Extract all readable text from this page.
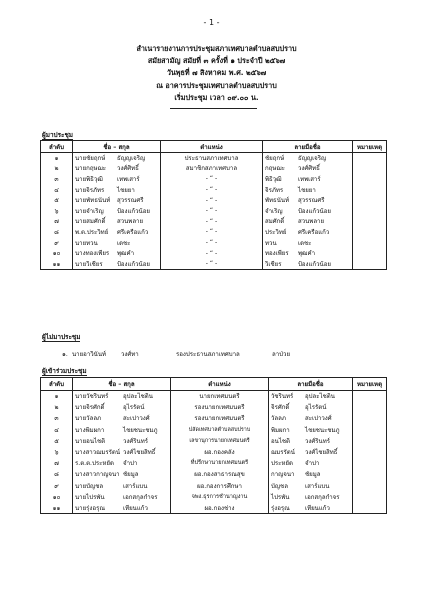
- 1 -
สำเนารายงานการประชุมสภาเทศบาลตำบลสบปราบ
สมัยสามัญ สมัยที่ ๓ ครั้งที่ ๑ ประจำปี ๒๕๖๗
วันพุธที่ ๗ สิงหาคม พ.ศ. ๒๕๖๗
ณ อาคารประชุมเทศบาลตำบลสบปราบ
เริ่มประชุม เวลา ๐๙.๐๐ น.
ผู้มาประชุม
ลำดับ	ชื่อ – สกุล	ตำแหน่ง	ลายมือชื่อ	หมายเหตุ
๑	นายชัยฤกษ์ ธัญญเจริญ	ประธานสภาเทศบาล	ชัยฤกษ์ ธัญญเจริญ	
๒	นายกฤษฌะ วงศ์ศิทธิ์	สมาชิกสภาเทศบาล	กฤษฌะ วงศ์ศิทธิ์	
๓	นายพิธิวุฒิ เทพเสาร์	- “ -	พิธิวุฒิ เทพเสาร์	
๔	นายจิรภัทร ไชยยา	- “ -	จิรภัทร ไชยยา	
๕	นายพัทธนันท์ สุวรรณศรี	- “ -	พัทธนันท์ สุวรรณศรี	
๖	นายจำเริญ ป้องแก้วน้อย	- “ -	จำเริญ ป้องแก้วน้อย	
๗	นายสมศักดิ์ สวนพลาย	- “ -	สมศักดิ์ สวนพลาย	
๘	พ.ต.ประวิทย์ ศรีเครือแก้ว	- “ -	ประวิทย์ ศรีเครือแก้ว	
๙	นายทวน เดชะ	- “ -	ทวน เดชะ	
๑๐	นางทองเพียร พุฒคำ	- “ -	ทองเพียร พุฒคำ	
๑๑	นายวิเชียร ป้องแก้วน้อย	- “ -	วิเชียร ป้องแก้วน้อย	
ผู้ไม่มาประชุม
๑. นายอาวินันท์ วงศ์ทา	รองประธานสภาเทศบาล	ลาป่วย
ผู้เข้าร่วมประชุม
ลำดับ	ชื่อ – สกุล	ตำแหน่ง	ลายมือชื่อ	หมายเหตุ
๑	นายวัชรินทร์ อุปละไชติน	นายกเทศมนตรี	วัชรินทร์ อุปละไชติน	
๒	นายจิรศักดิ์ อุไรรัตน์	รองนายกเทศมนตรี	จิรศักดิ์ อุไรรัตน์	
๓	นายวัลลภ สะเปาวงศ์	รองนายกเทศมนตรี	วัลลภ สะเปาวงศ์	
๔	นางพิมผกา ไชยชนะชมภู	ปลัดเทศบาลตำบลสบปราบ	พิมผกา ไชยชนะชมภู	
๕	นายอนไชติ วงศ์รินทร์	เลขานุการนายกเทศมนตรี	อนไชติ วงศ์รินทร์	
๖	นางสาวฌมรรัตน์ วงศ์ไชยสิทธิ์	ผอ.กองคลัง	ฌมรรัตน์ วงศ์ไชยสิทธิ์	
๗	ร.ต.ต.ประหยัด จำปา	ที่ปรึกษานายกเทศมนตรี	ประหยัด จำปา	
๘	นางสาวกาญจนา ชัยมูล	ผอ.กองสาธารณสุข	กาญจนา ชัยมูล	
๙	นายบัญชล เสาร์แบน	ผอ.กองการศึกษา	บัญชล เสาร์แบน	
๑๐	นายไปรพัน เอกสกุลกำจร	จพง.ธุรการชำนาญงาน	ไปรพัน เอกสกุลกำจร	
๑๑	นายรุ่งอรุณ เทียนแก้ว	ผอ.กองช่าง	รุ่งอรุณ เทียนแก้ว	
